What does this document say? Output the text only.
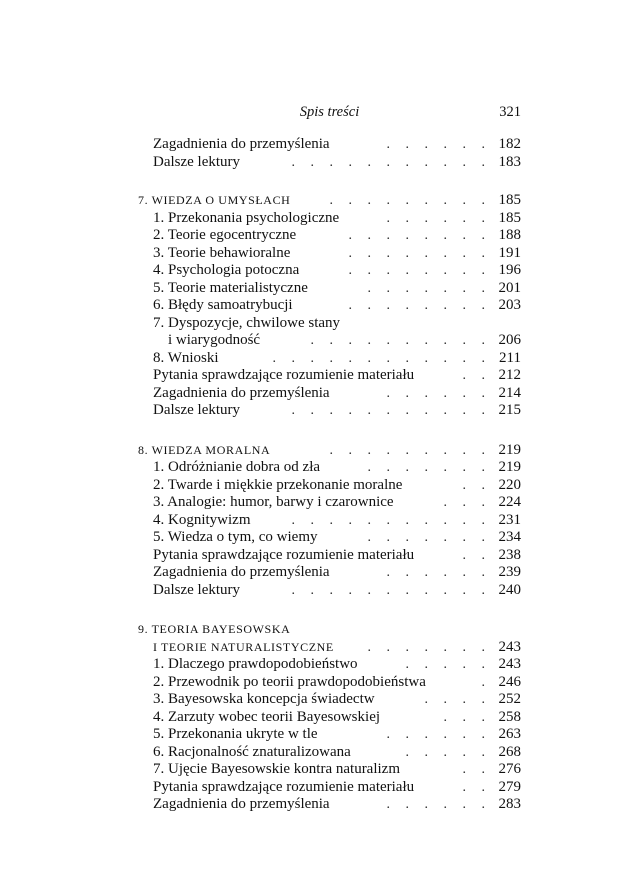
Spis treści	321
Zagadnienia do przemyślenia	. . . . . . 182
Dalsze lektury	. . . . . . . . . . . 183
7. WIEDZA O UMYSŁACH	. . . . . . . . . 185
1. Przekonania psychologiczne	. . . . . . 185
2. Teorie egocentryczne	. . . . . . . . 188
3. Teorie behawioralne	. . . . . . . . 191
4. Psychologia potoczna	. . . . . . . . 196
5. Teorie materialistyczne	. . . . . . . 201
6. Błędy samoatrybucji	. . . . . . . . 203
7. Dyspozycje, chwilowe stany
i wiarygodność	. . . . . . . . . . 206
8. Wnioski	. . . . . . . . . . . . 211
Pytania sprawdzające rozumienie materiału	. . 212
Zagadnienia do przemyślenia	. . . . . . 214
Dalsze lektury	. . . . . . . . . . . 215
8. WIEDZA MORALNA	. . . . . . . . . 219
1. Odróżnianie dobra od zła	. . . . . . . 219
2. Twarde i miękkie przekonanie moralne	. . 220
3. Analogie: humor, barwy i czarownice	. . . 224
4. Kognitywizm	. . . . . . . . . . . 231
5. Wiedza o tym, co wiemy	. . . . . . . 234
Pytania sprawdzające rozumienie materiału	. . 238
Zagadnienia do przemyślenia	. . . . . . 239
Dalsze lektury	. . . . . . . . . . . 240
9. TEORIA BAYESOWSKA
I TEORIE NATURALISTYCZNE	. . . . . . . 243
1. Dlaczego prawdopodobieństwo	. . . . . 243
2. Przewodnik po teorii prawdopodobieństwa	. 246
3. Bayesowska koncepcja świadectw	. . . . 252
4. Zarzuty wobec teorii Bayesowskiej	. . . 258
5. Przekonania ukryte w tle	. . . . . . 263
6. Racjonalność znaturalizowana	. . . . . 268
7. Ujęcie Bayesowskie kontra naturalizm	. . 276
Pytania sprawdzające rozumienie materiału	. . 279
Zagadnienia do przemyślenia	. . . . . . 283
